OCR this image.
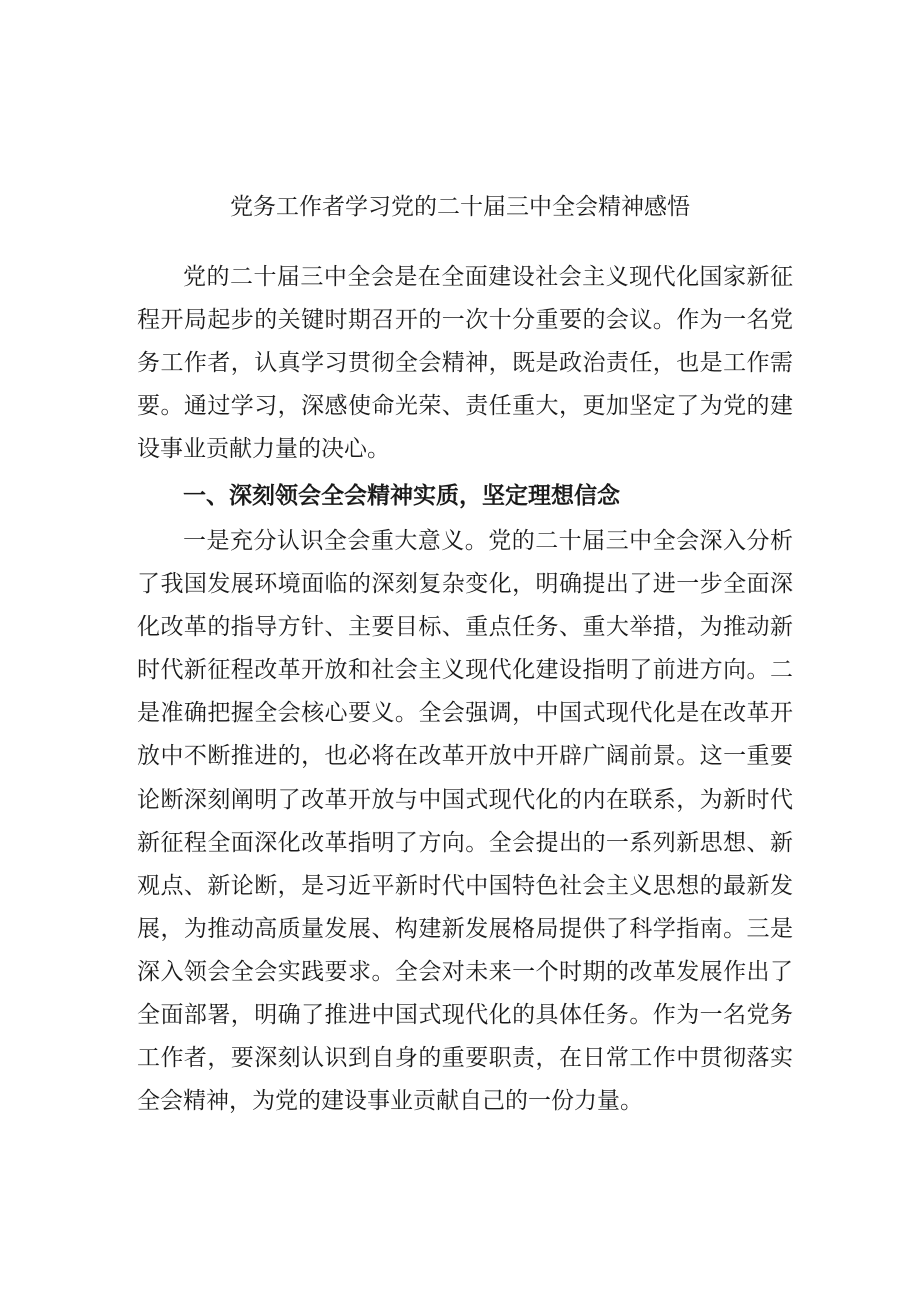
党务工作者学习党的二十届三中全会精神感悟

党的二十届三中全会是在全面建设社会主义现代化国家新征程开局起步的关键时期召开的一次十分重要的会议。作为一名党务工作者，认真学习贯彻全会精神，既是政治责任，也是工作需要。通过学习，深感使命光荣、责任重大，更加坚定了为党的建设事业贡献力量的决心。

一、深刻领会全会精神实质，坚定理想信念

一是充分认识全会重大意义。党的二十届三中全会深入分析了我国发展环境面临的深刻复杂变化，明确提出了进一步全面深化改革的指导方针、主要目标、重点任务、重大举措，为推动新时代新征程改革开放和社会主义现代化建设指明了前进方向。二是准确把握全会核心要义。全会强调，中国式现代化是在改革开放中不断推进的，也必将在改革开放中开辟广阔前景。这一重要论断深刻阐明了改革开放与中国式现代化的内在联系，为新时代新征程全面深化改革指明了方向。全会提出的一系列新思想、新观点、新论断，是习近平新时代中国特色社会主义思想的最新发展，为推动高质量发展、构建新发展格局提供了科学指南。三是深入领会全会实践要求。全会对未来一个时期的改革发展作出了全面部署，明确了推进中国式现代化的具体任务。作为一名党务工作者，要深刻认识到自身的重要职责，在日常工作中贯彻落实全会精神，为党的建设事业贡献自己的一份力量。
